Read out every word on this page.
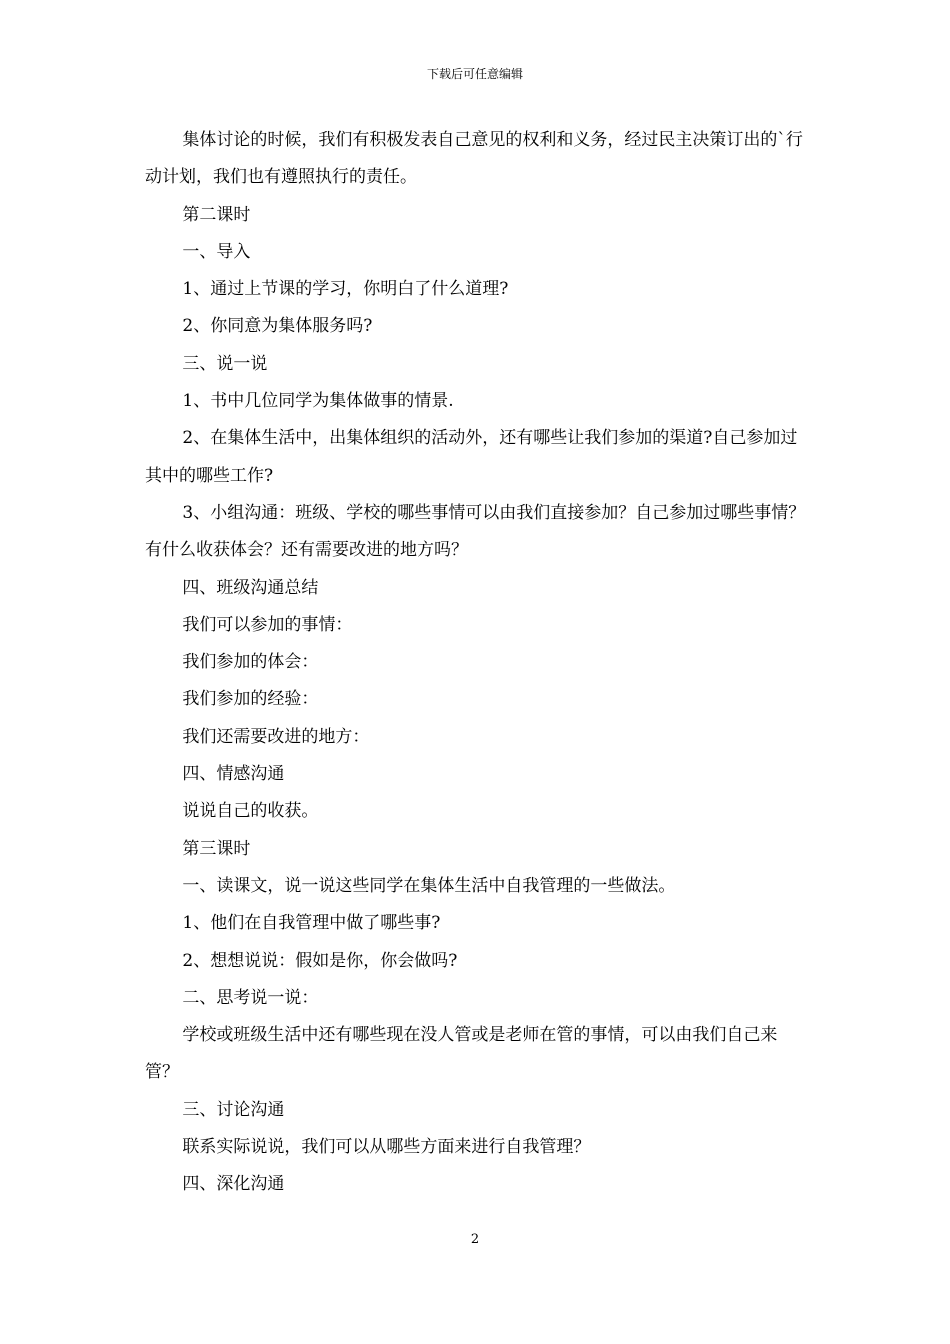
下载后可任意编辑

集体讨论的时候，我们有积极发表自己意见的权利和义务，经过民主决策订出的`行动计划，我们也有遵照执行的责任。

第二课时

一、导入

1、通过上节课的学习，你明白了什么道理?

2、你同意为集体服务吗?

三、说一说

1、书中几位同学为集体做事的情景.

2、在集体生活中，出集体组织的活动外，还有哪些让我们参加的渠道?自己参加过其中的哪些工作?

3、小组沟通：班级、学校的哪些事情可以由我们直接参加？自己参加过哪些事情？有什么收获体会？还有需要改进的地方吗？

四、班级沟通总结

我们可以参加的事情：

我们参加的体会：

我们参加的经验：

我们还需要改进的地方：

四、情感沟通

说说自己的收获。

第三课时

一、读课文，说一说这些同学在集体生活中自我管理的一些做法。

1、他们在自我管理中做了哪些事?

2、想想说说：假如是你，你会做吗?

二、思考说一说：

学校或班级生活中还有哪些现在没人管或是老师在管的事情，可以由我们自己来管？

三、讨论沟通

联系实际说说，我们可以从哪些方面来进行自我管理？

四、深化沟通

2
